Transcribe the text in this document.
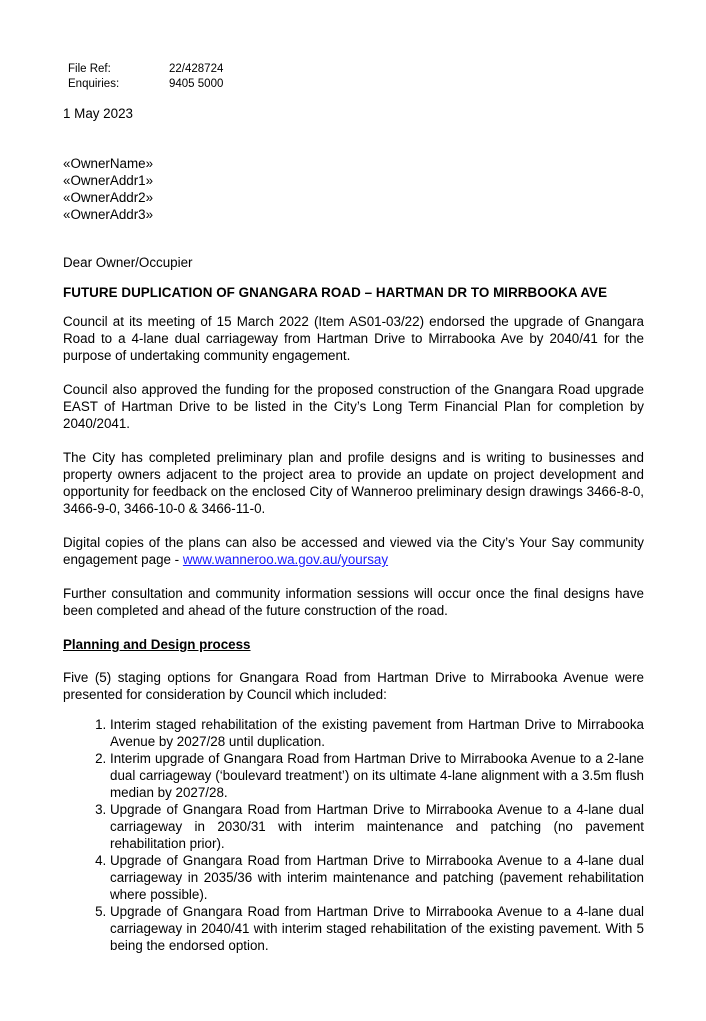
File Ref:	22/428724
Enquiries:	9405 5000
1 May 2023
«OwnerName»
«OwnerAddr1»
«OwnerAddr2»
«OwnerAddr3»
Dear Owner/Occupier
FUTURE DUPLICATION OF GNANGARA ROAD – HARTMAN DR TO MIRRBOOKA AVE

Council at its meeting of 15 March 2022 (Item AS01-03/22) endorsed the upgrade of Gnangara Road to a 4-lane dual carriageway from Hartman Drive to Mirrabooka Ave by 2040/41 for the purpose of undertaking community engagement.

Council also approved the funding for the proposed construction of the Gnangara Road upgrade EAST of Hartman Drive to be listed in the City’s Long Term Financial Plan for completion by 2040/2041.

The City has completed preliminary plan and profile designs and is writing to businesses and property owners adjacent to the project area to provide an update on project development and opportunity for feedback on the enclosed City of Wanneroo preliminary design drawings 3466-8-0, 3466-9-0, 3466-10-0 & 3466-11-0.

Digital copies of the plans can also be accessed and viewed via the City’s Your Say community engagement page - www.wanneroo.wa.gov.au/yoursay

Further consultation and community information sessions will occur once the final designs have been completed and ahead of the future construction of the road.

Planning and Design process

Five (5) staging options for Gnangara Road from Hartman Drive to Mirrabooka Avenue were presented for consideration by Council which included:

1. Interim staged rehabilitation of the existing pavement from Hartman Drive to Mirrabooka Avenue by 2027/28 until duplication.
2. Interim upgrade of Gnangara Road from Hartman Drive to Mirrabooka Avenue to a 2-lane dual carriageway (‘boulevard treatment’) on its ultimate 4-lane alignment with a 3.5m flush median by 2027/28.
3. Upgrade of Gnangara Road from Hartman Drive to Mirrabooka Avenue to a 4-lane dual carriageway in 2030/31 with interim maintenance and patching (no pavement rehabilitation prior).
4. Upgrade of Gnangara Road from Hartman Drive to Mirrabooka Avenue to a 4-lane dual carriageway in 2035/36 with interim maintenance and patching (pavement rehabilitation where possible).
5. Upgrade of Gnangara Road from Hartman Drive to Mirrabooka Avenue to a 4-lane dual carriageway in 2040/41 with interim staged rehabilitation of the existing pavement. With 5 being the endorsed option.
